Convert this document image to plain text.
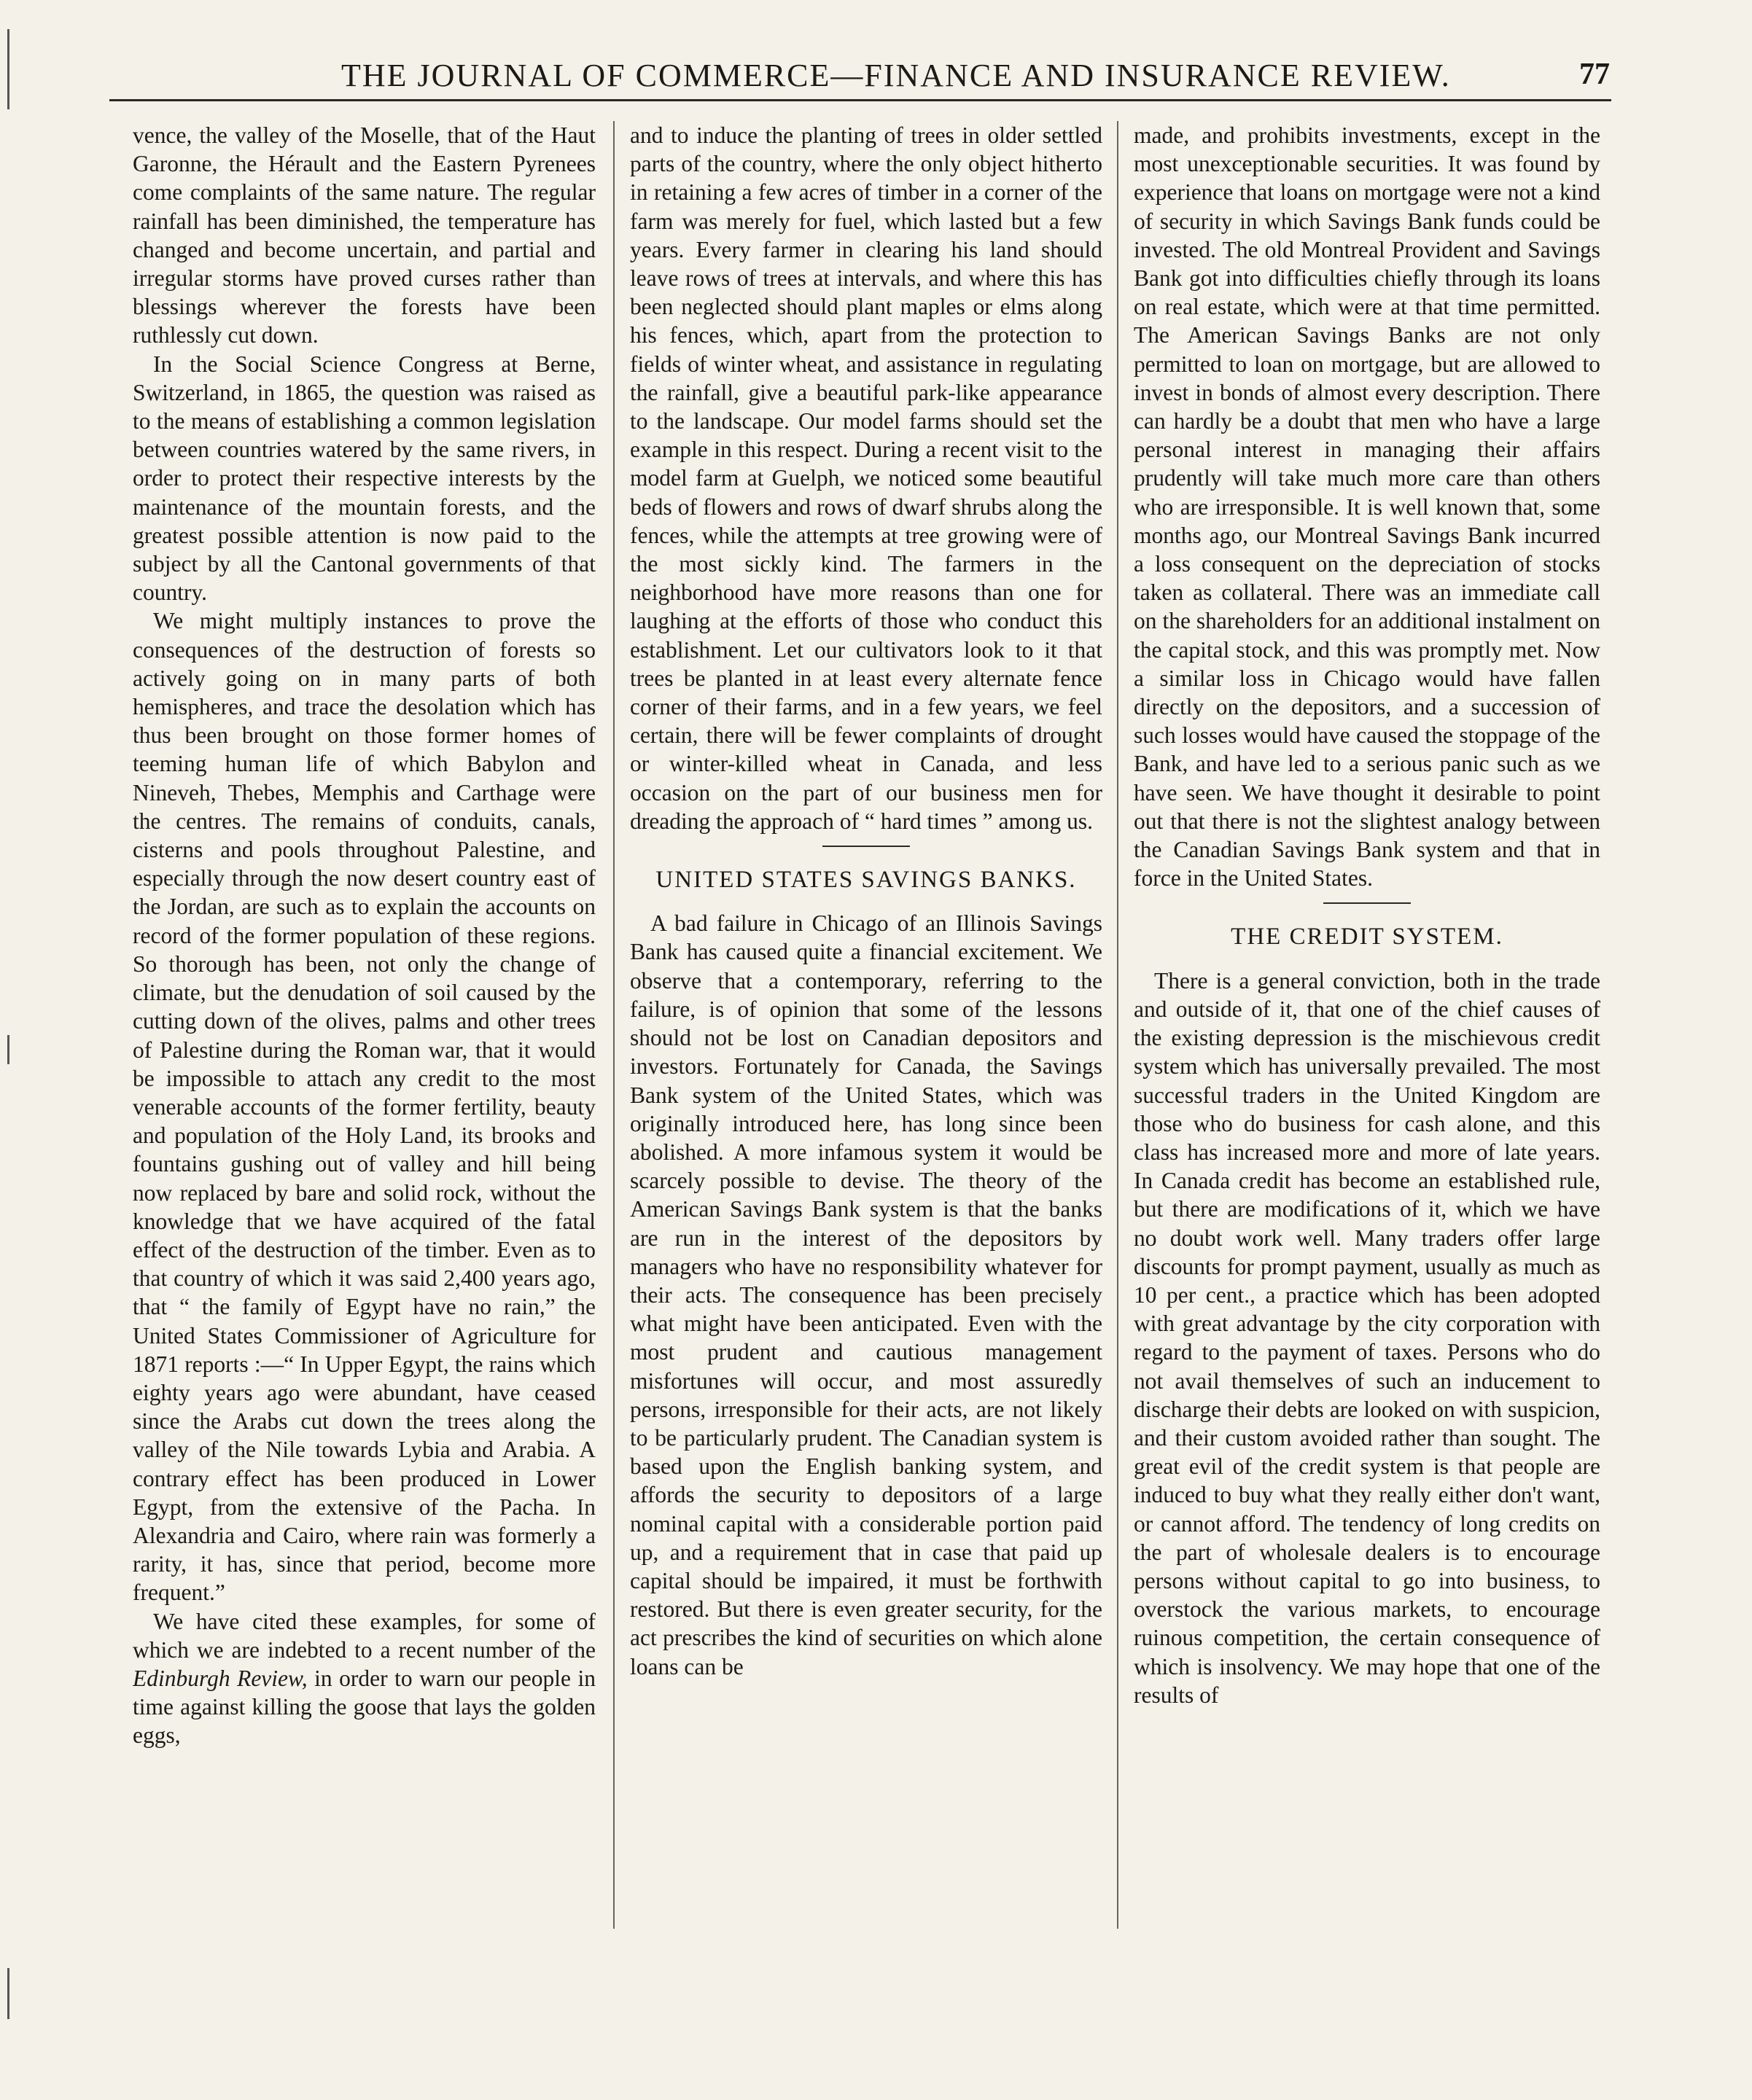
THE JOURNAL OF COMMERCE—FINANCE AND INSURANCE REVIEW.	77

vence, the valley of the Moselle, that of the Haut Garonne, the Hérault and the Eastern Pyrenees come complaints of the same nature. The regular rainfall has been diminished, the temperature has changed and become uncertain, and partial and irregular storms have proved curses rather than blessings wherever the forests have been ruthlessly cut down.

In the Social Science Congress at Berne, Switzerland, in 1865, the question was raised as to the means of establishing a common legislation between countries watered by the same rivers, in order to protect their respective interests by the maintenance of the mountain forests, and the greatest possible attention is now paid to the subject by all the Cantonal governments of that country.

We might multiply instances to prove the consequences of the destruction of forests so actively going on in many parts of both hemispheres, and trace the desolation which has thus been brought on those former homes of teeming human life of which Babylon and Nineveh, Thebes, Memphis and Carthage were the centres. The remains of conduits, canals, cisterns and pools throughout Palestine, and especially through the now desert country east of the Jordan, are such as to explain the accounts on record of the former population of these regions. So thorough has been, not only the change of climate, but the denudation of soil caused by the cutting down of the olives, palms and other trees of Palestine during the Roman war, that it would be impossible to attach any credit to the most venerable accounts of the former fertility, beauty and population of the Holy Land, its brooks and fountains gushing out of valley and hill being now replaced by bare and solid rock, without the knowledge that we have acquired of the fatal effect of the destruction of the timber. Even as to that country of which it was said 2,400 years ago, that “ the family of Egypt have no rain,” the United States Commissioner of Agriculture for 1871 reports :—“ In Upper Egypt, the rains which eighty years ago were abundant, have ceased since the Arabs cut down the trees along the valley of the Nile towards Lybia and Arabia. A contrary effect has been produced in Lower Egypt, from the extensive of the Pacha. In Alexandria and Cairo, where rain was formerly a rarity, it has, since that period, become more frequent.”

We have cited these examples, for some of which we are indebted to a recent number of the Edinburgh Review, in order to warn our people in time against killing the goose that lays the golden eggs,

and to induce the planting of trees in older settled parts of the country, where the only object hitherto in retaining a few acres of timber in a corner of the farm was merely for fuel, which lasted but a few years. Every farmer in clearing his land should leave rows of trees at intervals, and where this has been neglected should plant maples or elms along his fences, which, apart from the protection to fields of winter wheat, and assistance in regulating the rainfall, give a beautiful park-like appearance to the landscape. Our model farms should set the example in this respect. During a recent visit to the model farm at Guelph, we noticed some beautiful beds of flowers and rows of dwarf shrubs along the fences, while the attempts at tree growing were of the most sickly kind. The farmers in the neighborhood have more reasons than one for laughing at the efforts of those who conduct this establishment. Let our cultivators look to it that trees be planted in at least every alternate fence corner of their farms, and in a few years, we feel certain, there will be fewer complaints of drought or winter-killed wheat in Canada, and less occasion on the part of our business men for dreading the approach of “ hard times ” among us.

UNITED STATES SAVINGS BANKS.

A bad failure in Chicago of an Illinois Savings Bank has caused quite a financial excitement. We observe that a contemporary, referring to the failure, is of opinion that some of the lessons should not be lost on Canadian depositors and investors. Fortunately for Canada, the Savings Bank system of the United States, which was originally introduced here, has long since been abolished. A more infamous system it would be scarcely possible to devise. The theory of the American Savings Bank system is that the banks are run in the interest of the depositors by managers who have no responsibility whatever for their acts. The consequence has been precisely what might have been anticipated. Even with the most prudent and cautious management misfortunes will occur, and most assuredly persons, irresponsible for their acts, are not likely to be particularly prudent. The Canadian system is based upon the English banking system, and affords the security to depositors of a large nominal capital with a considerable portion paid up, and a requirement that in case that paid up capital should be impaired, it must be forthwith restored. But there is even greater security, for the act prescribes the kind of securities on which alone loans can be

made, and prohibits investments, except in the most unexceptionable securities. It was found by experience that loans on mortgage were not a kind of security in which Savings Bank funds could be invested. The old Montreal Provident and Savings Bank got into difficulties chiefly through its loans on real estate, which were at that time permitted. The American Savings Banks are not only permitted to loan on mortgage, but are allowed to invest in bonds of almost every description. There can hardly be a doubt that men who have a large personal interest in managing their affairs prudently will take much more care than others who are irresponsible. It is well known that, some months ago, our Montreal Savings Bank incurred a loss consequent on the depreciation of stocks taken as collateral. There was an immediate call on the shareholders for an additional instalment on the capital stock, and this was promptly met. Now a similar loss in Chicago would have fallen directly on the depositors, and a succession of such losses would have caused the stoppage of the Bank, and have led to a serious panic such as we have seen. We have thought it desirable to point out that there is not the slightest analogy between the Canadian Savings Bank system and that in force in the United States.

THE CREDIT SYSTEM.

There is a general conviction, both in the trade and outside of it, that one of the chief causes of the existing depression is the mischievous credit system which has universally prevailed. The most successful traders in the United Kingdom are those who do business for cash alone, and this class has increased more and more of late years. In Canada credit has become an established rule, but there are modifications of it, which we have no doubt work well. Many traders offer large discounts for prompt payment, usually as much as 10 per cent., a practice which has been adopted with great advantage by the city corporation with regard to the payment of taxes. Persons who do not avail themselves of such an inducement to discharge their debts are looked on with suspicion, and their custom avoided rather than sought. The great evil of the credit system is that people are induced to buy what they really either don't want, or cannot afford. The tendency of long credits on the part of wholesale dealers is to encourage persons without capital to go into business, to overstock the various markets, to encourage ruinous competition, the certain consequence of which is insolvency. We may hope that one of the results of
